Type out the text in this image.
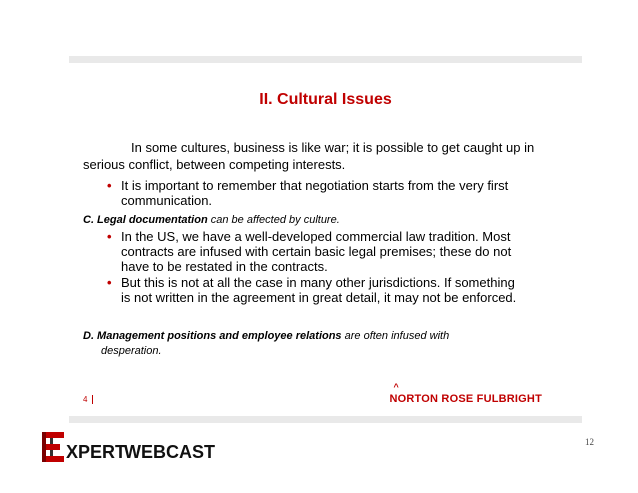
II. Cultural Issues
In some cultures, business is like war; it is possible to get caught up in serious conflict, between competing interests.
• It is important to remember that negotiation starts from the very first communication.
C. Legal documentation can be affected by culture.
• In the US, we have a well-developed commercial law tradition. Most contracts are infused with certain basic legal premises; these do not have to be restated in the contracts.
• But this is not at all the case in many other jurisdictions. If something is not written in the agreement in great detail, it may not be enforced.
D. Management positions and employee relations are often infused with
desperation.
4
^
NORTON ROSE FULBRIGHT
XPERT
WEBCAST	12
